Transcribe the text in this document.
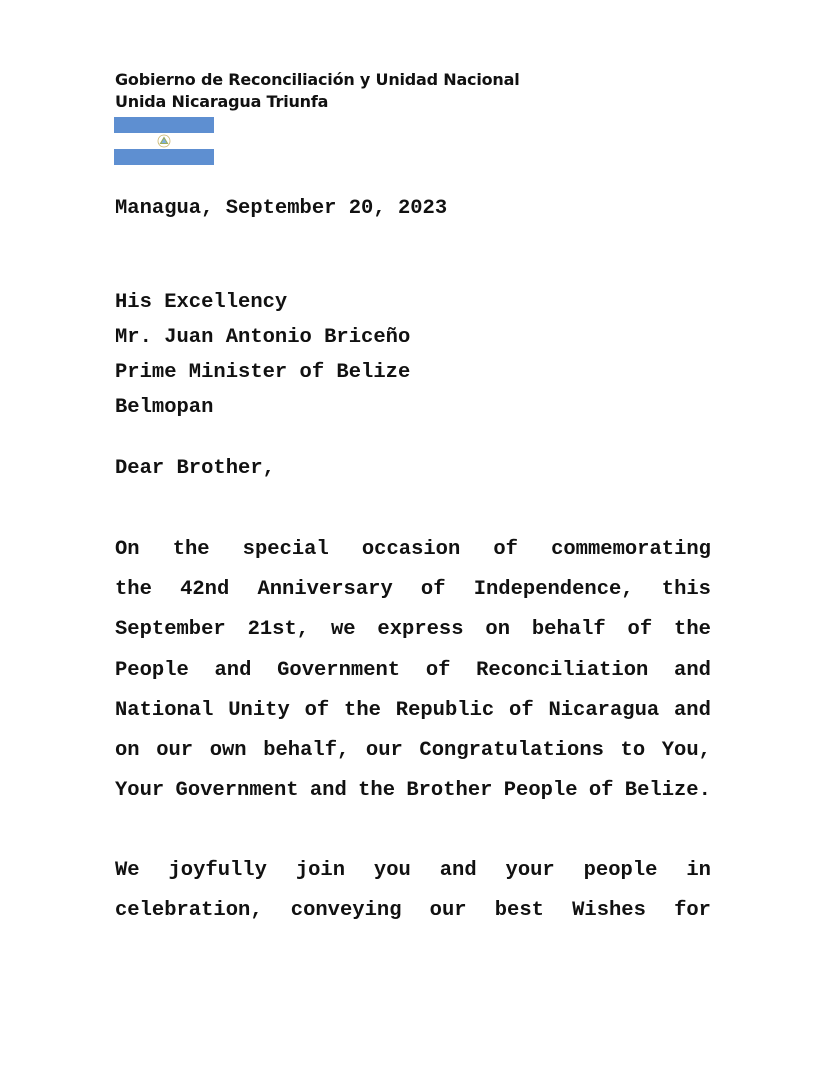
Gobierno de Reconciliación y Unidad Nacional
Unida Nicaragua Triunfa
Managua, September 20, 2023
His Excellency
Mr. Juan Antonio Briceño
Prime Minister of Belize
Belmopan
Dear Brother,
On the special occasion of commemorating
the 42nd Anniversary of Independence, this
September 21st, we express on behalf of the
People and Government of Reconciliation and
National Unity of the Republic of Nicaragua and
on our own behalf, our Congratulations to You,
Your Government and the Brother People of Belize.
We joyfully join you and your people in
celebration, conveying our best Wishes for
